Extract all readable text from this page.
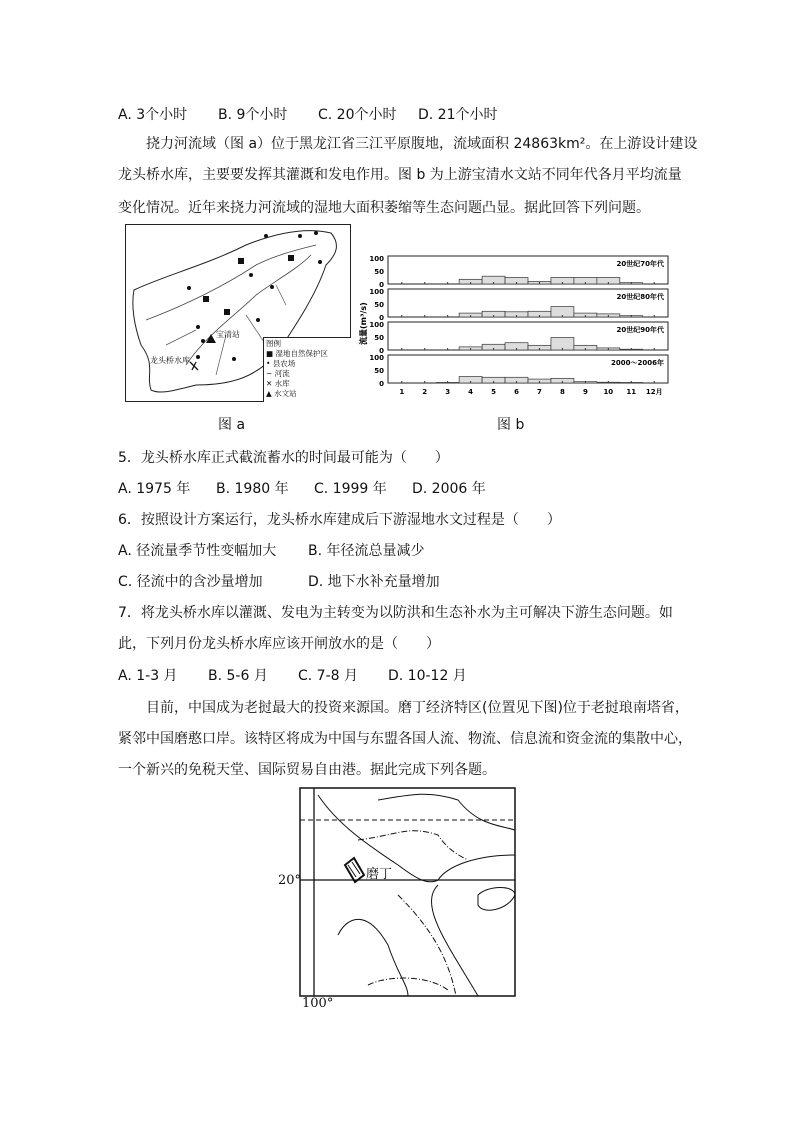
A. 3个小时 B. 9个小时 C. 20个小时 D. 21个小时
挠力河流域（图 a）位于黑龙江省三江平原腹地，流域面积 24863km²。在上游设计建设
龙头桥水库，主要要发挥其灌溉和发电作用。图 b 为上游宝清水文站不同年代各月平均流量
变化情况。近年来挠力河流域的湿地大面积萎缩等生态问题凸显。据此回答下列问题。
宝清站
龙头桥水库
图例
■ 湿地自然保护区
• 县农场
~ 河流
✕ 水库
▲ 水文站
0
50
100
20世纪70年代
0
50
100
20世纪80年代
0
50
100
20世纪90年代
0
50
100
2000～2006年
1	2	3	4	5	6	7	8	9 10 11 12月
流量(m³/s)
图 a	图 b
5．龙头桥水库正式截流蓄水的时间最可能为（　　）
A. 1975 年 B. 1980 年 C. 1999 年 D. 2006 年
6．按照设计方案运行，龙头桥水库建成后下游湿地水文过程是（　　）
A. 径流量季节性变幅加大 B. 年径流总量减少
C. 径流中的含沙量增加	D. 地下水补充量增加
7．将龙头桥水库以灌溉、发电为主转变为以防洪和生态补水为主可解决下游生态问题。如
此，下列月份龙头桥水库应该开闸放水的是（　　）
A. 1-3 月 B. 5-6 月 C. 7-8 月 D. 10-12 月
目前，中国成为老挝最大的投资来源国。磨丁经济特区(位置见下图)位于老挝琅南塔省，
紧邻中国磨憨口岸。该特区将成为中国与东盟各国人流、物流、信息流和资金流的集散中心，
一个新兴的免税天堂、国际贸易自由港。据此完成下列各题。
磨丁
20°
100°
